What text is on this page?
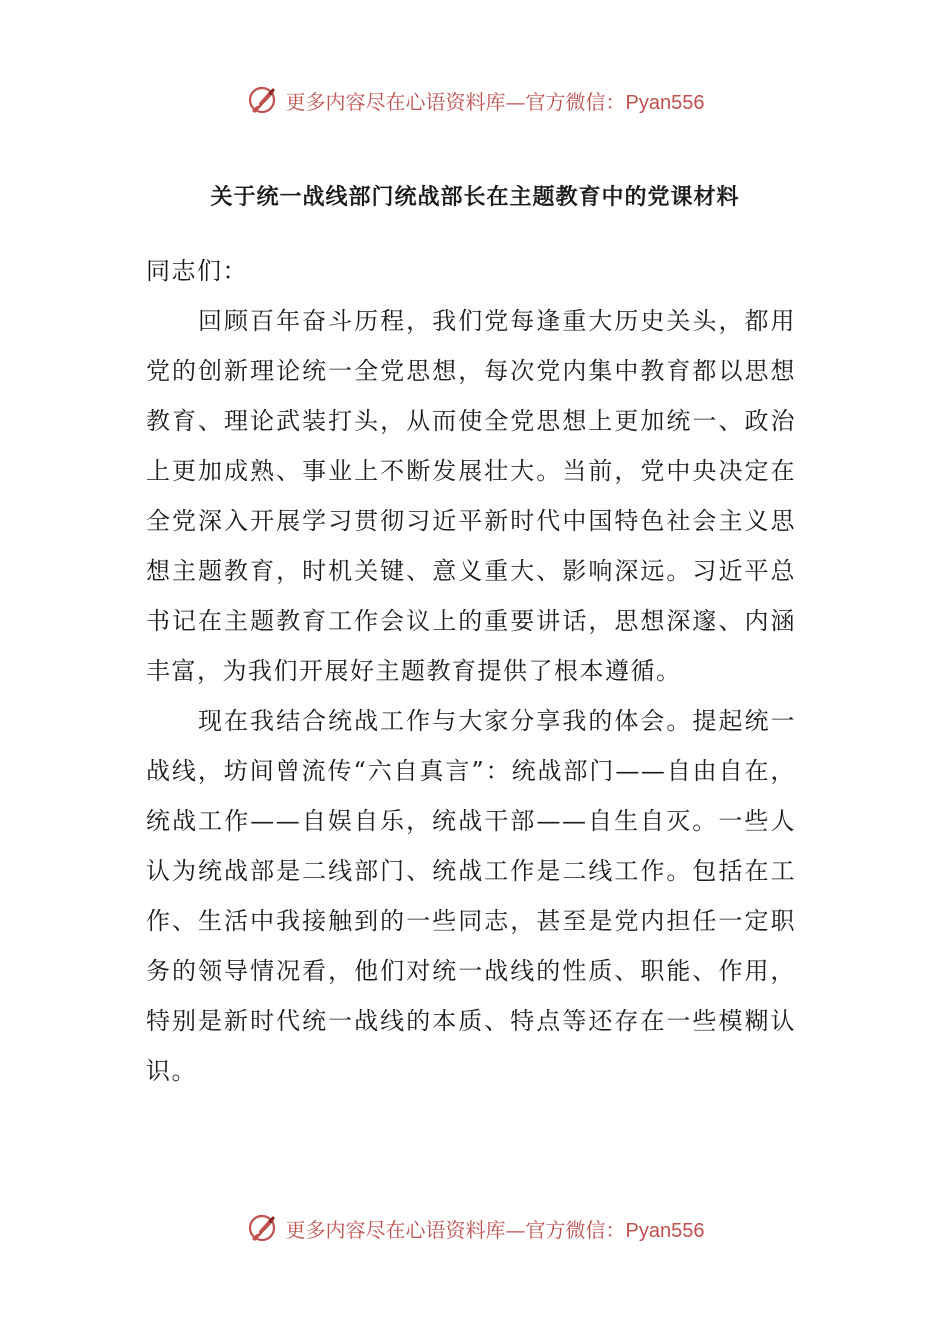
更多内容尽在心语资料库—官方微信：Pyan556
关于统一战线部门统战部长在主题教育中的党课材料

同志们：

回顾百年奋斗历程，我们党每逢重大历史关头，都用党的创新理论统一全党思想，每次党内集中教育都以思想教育、理论武装打头，从而使全党思想上更加统一、政治上更加成熟、事业上不断发展壮大。当前，党中央决定在全党深入开展学习贯彻习近平新时代中国特色社会主义思想主题教育，时机关键、意义重大、影响深远。习近平总书记在主题教育工作会议上的重要讲话，思想深邃、内涵丰富，为我们开展好主题教育提供了根本遵循。

现在我结合统战工作与大家分享我的体会。提起统一战线，坊间曾流传“六自真言”：统战部门——自由自在，统战工作——自娱自乐，统战干部——自生自灭。一些人认为统战部是二线部门、统战工作是二线工作。包括在工作、生活中我接触到的一些同志，甚至是党内担任一定职务的领导情况看，他们对统一战线的性质、职能、作用，特别是新时代统一战线的本质、特点等还存在一些模糊认识。

更多内容尽在心语资料库—官方微信：Pyan556
